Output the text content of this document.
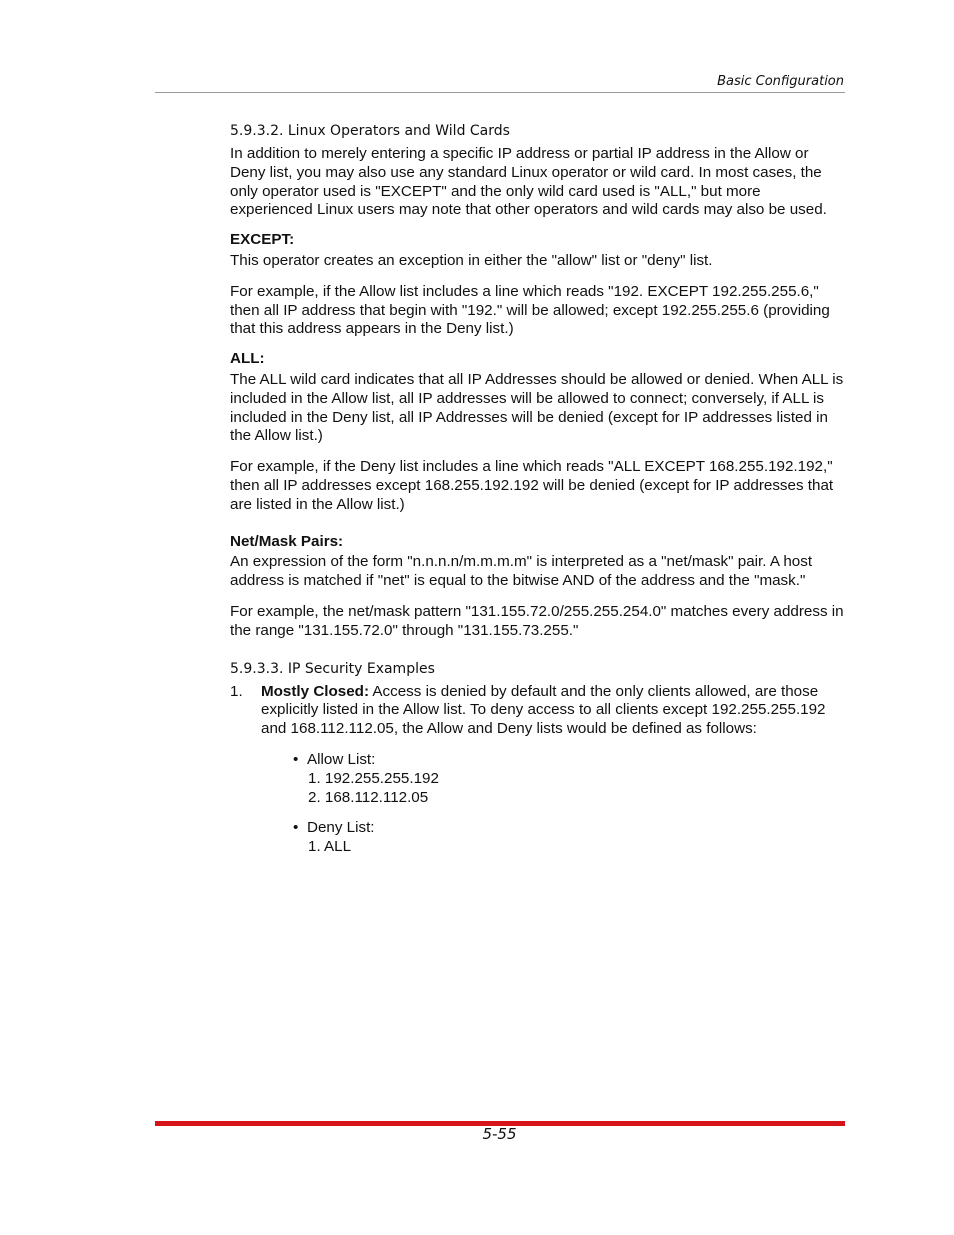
Basic Configuration
5.9.3.2. Linux Operators and Wild Cards

In addition to merely entering a specific IP address or partial IP address in the Allow or Deny list, you may also use any standard Linux operator or wild card. In most cases, the only operator used is "EXCEPT" and the only wild card used is "ALL," but more experienced Linux users may note that other operators and wild cards may also be used.

EXCEPT:

This operator creates an exception in either the "allow" list or "deny" list.

For example, if the Allow list includes a line which reads "192. EXCEPT 192.255.255.6," then all IP address that begin with "192." will be allowed; except 192.255.255.6 (providing that this address appears in the Deny list.)

ALL:

The ALL wild card indicates that all IP Addresses should be allowed or denied. When ALL is included in the Allow list, all IP addresses will be allowed to connect; conversely, if ALL is included in the Deny list, all IP Addresses will be denied (except for IP addresses listed in the Allow list.)

For example, if the Deny list includes a line which reads "ALL EXCEPT 168.255.192.192," then all IP addresses except 168.255.192.192 will be denied (except for IP addresses that are listed in the Allow list.)

Net/Mask Pairs:

An expression of the form "n.n.n.n/m.m.m.m" is interpreted as a "net/mask" pair. A host address is matched if "net" is equal to the bitwise AND of the address and the "mask."

For example, the net/mask pattern "131.155.72.0/255.255.254.0" matches every address in the range "131.155.72.0" through "131.155.73.255."

5.9.3.3. IP Security Examples
1. Mostly Closed: Access is denied by default and the only clients allowed, are those explicitly listed in the Allow list. To deny access to all clients except 192.255.255.192 and 168.112.112.05, the Allow and Deny lists would be defined as follows:

• Allow List:
1. 192.255.255.192
2. 168.112.112.05
• Deny List:
1. ALL
5-55
